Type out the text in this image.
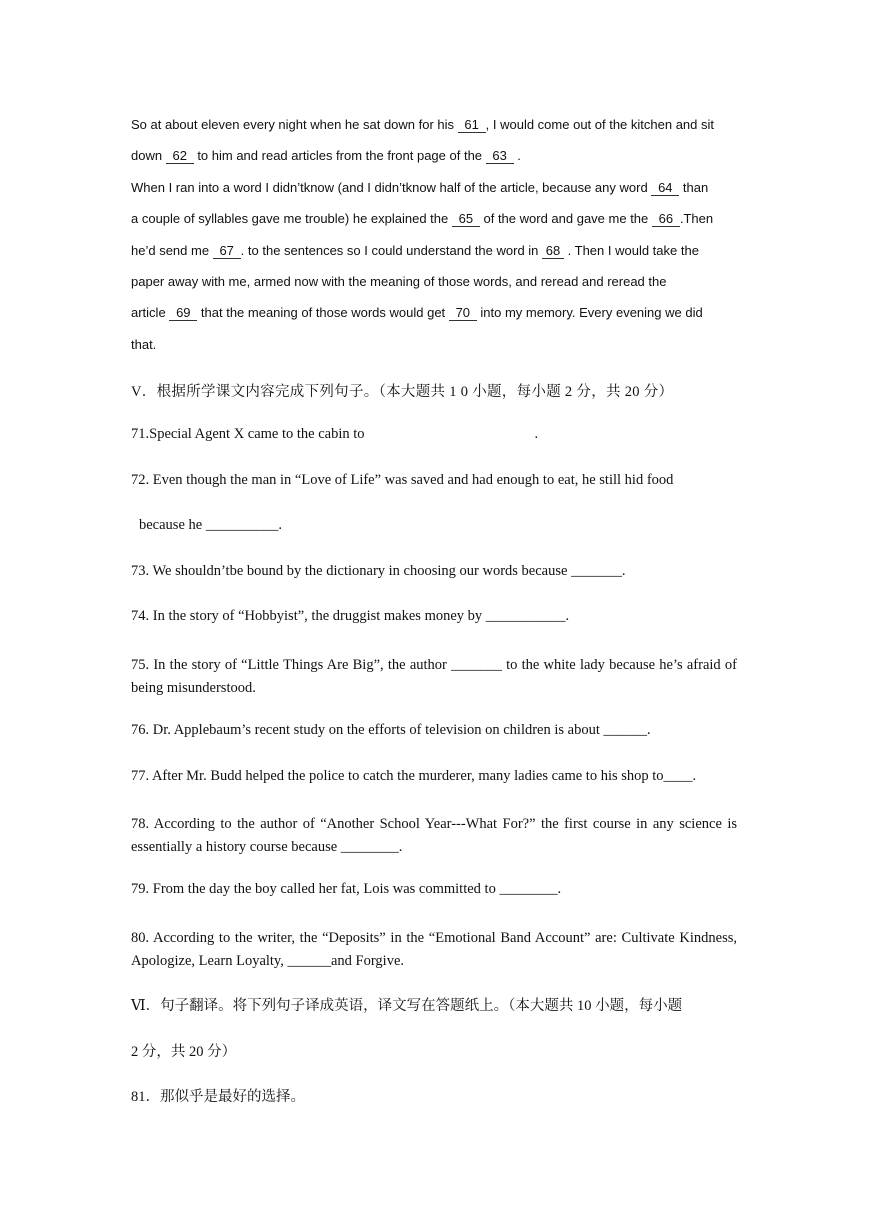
So at about eleven every night when he sat down for his 61 , I would come out of the kitchen and sit
down 62 to him and read articles from the front page of the 63 .
When I ran into a word I didn’tknow (and I didn’tknow half of the article, because any word 64 than
a couple of syllables gave me trouble) he explained the 65 of the word and gave me the 66 .Then
he’d send me 67 . to the sentences so I could understand the word in 68 . Then I would take the
paper away with me, armed now with the meaning of those words, and reread and reread the
article 69 that the meaning of those words would get 70 into my memory. Every evening we did
that.
V．根据所学课文内容完成下列句子。（本大题共 1 0 小题，每小题 2 分，共 20 分）
71.Special Agent X came to the cabin to	.
72. Even though the man in “Love of Life” was saved and had enough to eat, he still hid food
because he __________.
73. We shouldn’tbe bound by the dictionary in choosing our words because _______.
74. In the story of “Hobbyist”, the druggist makes money by ___________.
75. In the story of “Little Things Are Big”, the author _______ to the white lady because he’s afraid of being misunderstood.
76. Dr. Applebaum’s recent study on the efforts of television on children is about ______.
77. After Mr. Budd helped the police to catch the murderer, many ladies came to his shop to____.
78. According to the author of “Another School Year---What For?” the first course in any science is essentially a history course because ________.
79. From the day the boy called her fat, Lois was committed to ________.
80. According to the writer, the “Deposits” in the “Emotional Band Account” are: Cultivate Kindness, Apologize, Learn Loyalty, ______and Forgive.
Ⅵ．句子翻译。将下列句子译成英语，译文写在答题纸上。（本大题共 10 小题，每小题
2 分，共 20 分）
81．那似乎是最好的选择。
